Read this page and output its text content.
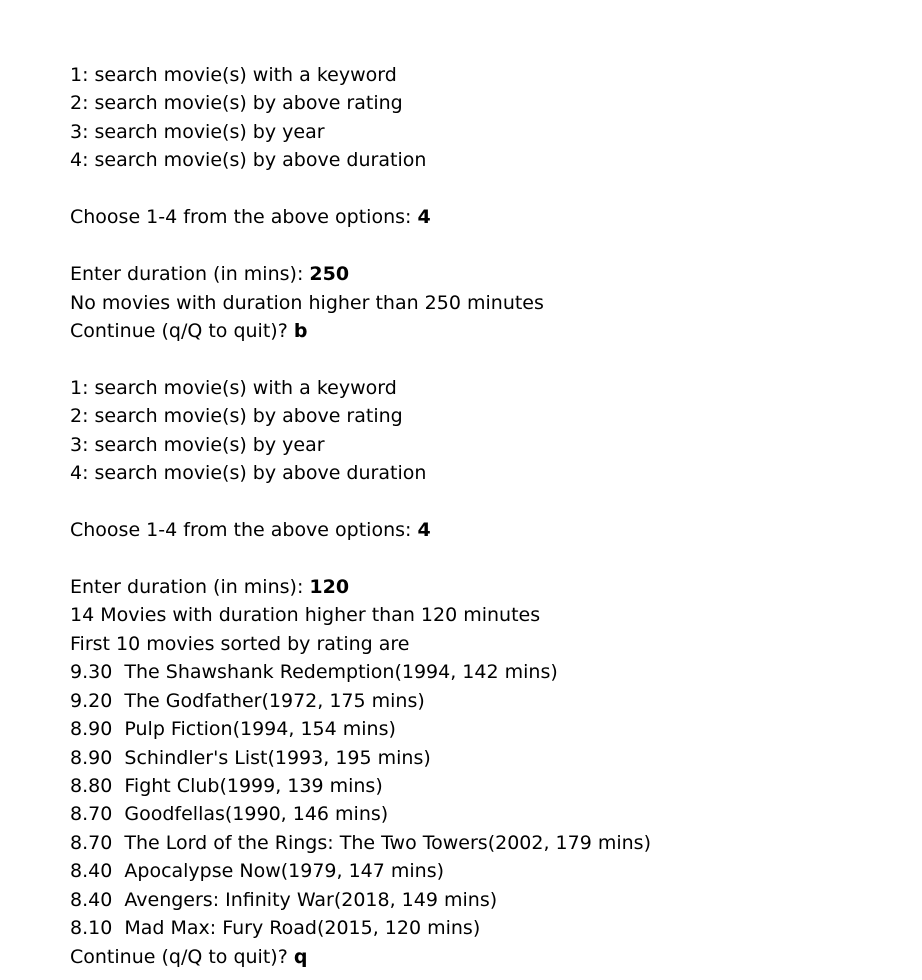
1: search movie(s) with a keyword
2: search movie(s) by above rating
3: search movie(s) by year
4: search movie(s) by above duration
Choose 1-4 from the above options: 4
Enter duration (in mins): 250
No movies with duration higher than 250 minutes
Continue (q/Q to quit)? b
1: search movie(s) with a keyword
2: search movie(s) by above rating
3: search movie(s) by year
4: search movie(s) by above duration
Choose 1-4 from the above options: 4
Enter duration (in mins): 120
14 Movies with duration higher than 120 minutes
First 10 movies sorted by rating are
9.30  The Shawshank Redemption(1994, 142 mins)
9.20  The Godfather(1972, 175 mins)
8.90  Pulp Fiction(1994, 154 mins)
8.90  Schindler's List(1993, 195 mins)
8.80  Fight Club(1999, 139 mins)
8.70  Goodfellas(1990, 146 mins)
8.70  The Lord of the Rings: The Two Towers(2002, 179 mins)
8.40  Apocalypse Now(1979, 147 mins)
8.40  Avengers: Infinity War(2018, 149 mins)
8.10  Mad Max: Fury Road(2015, 120 mins)
Continue (q/Q to quit)? q
